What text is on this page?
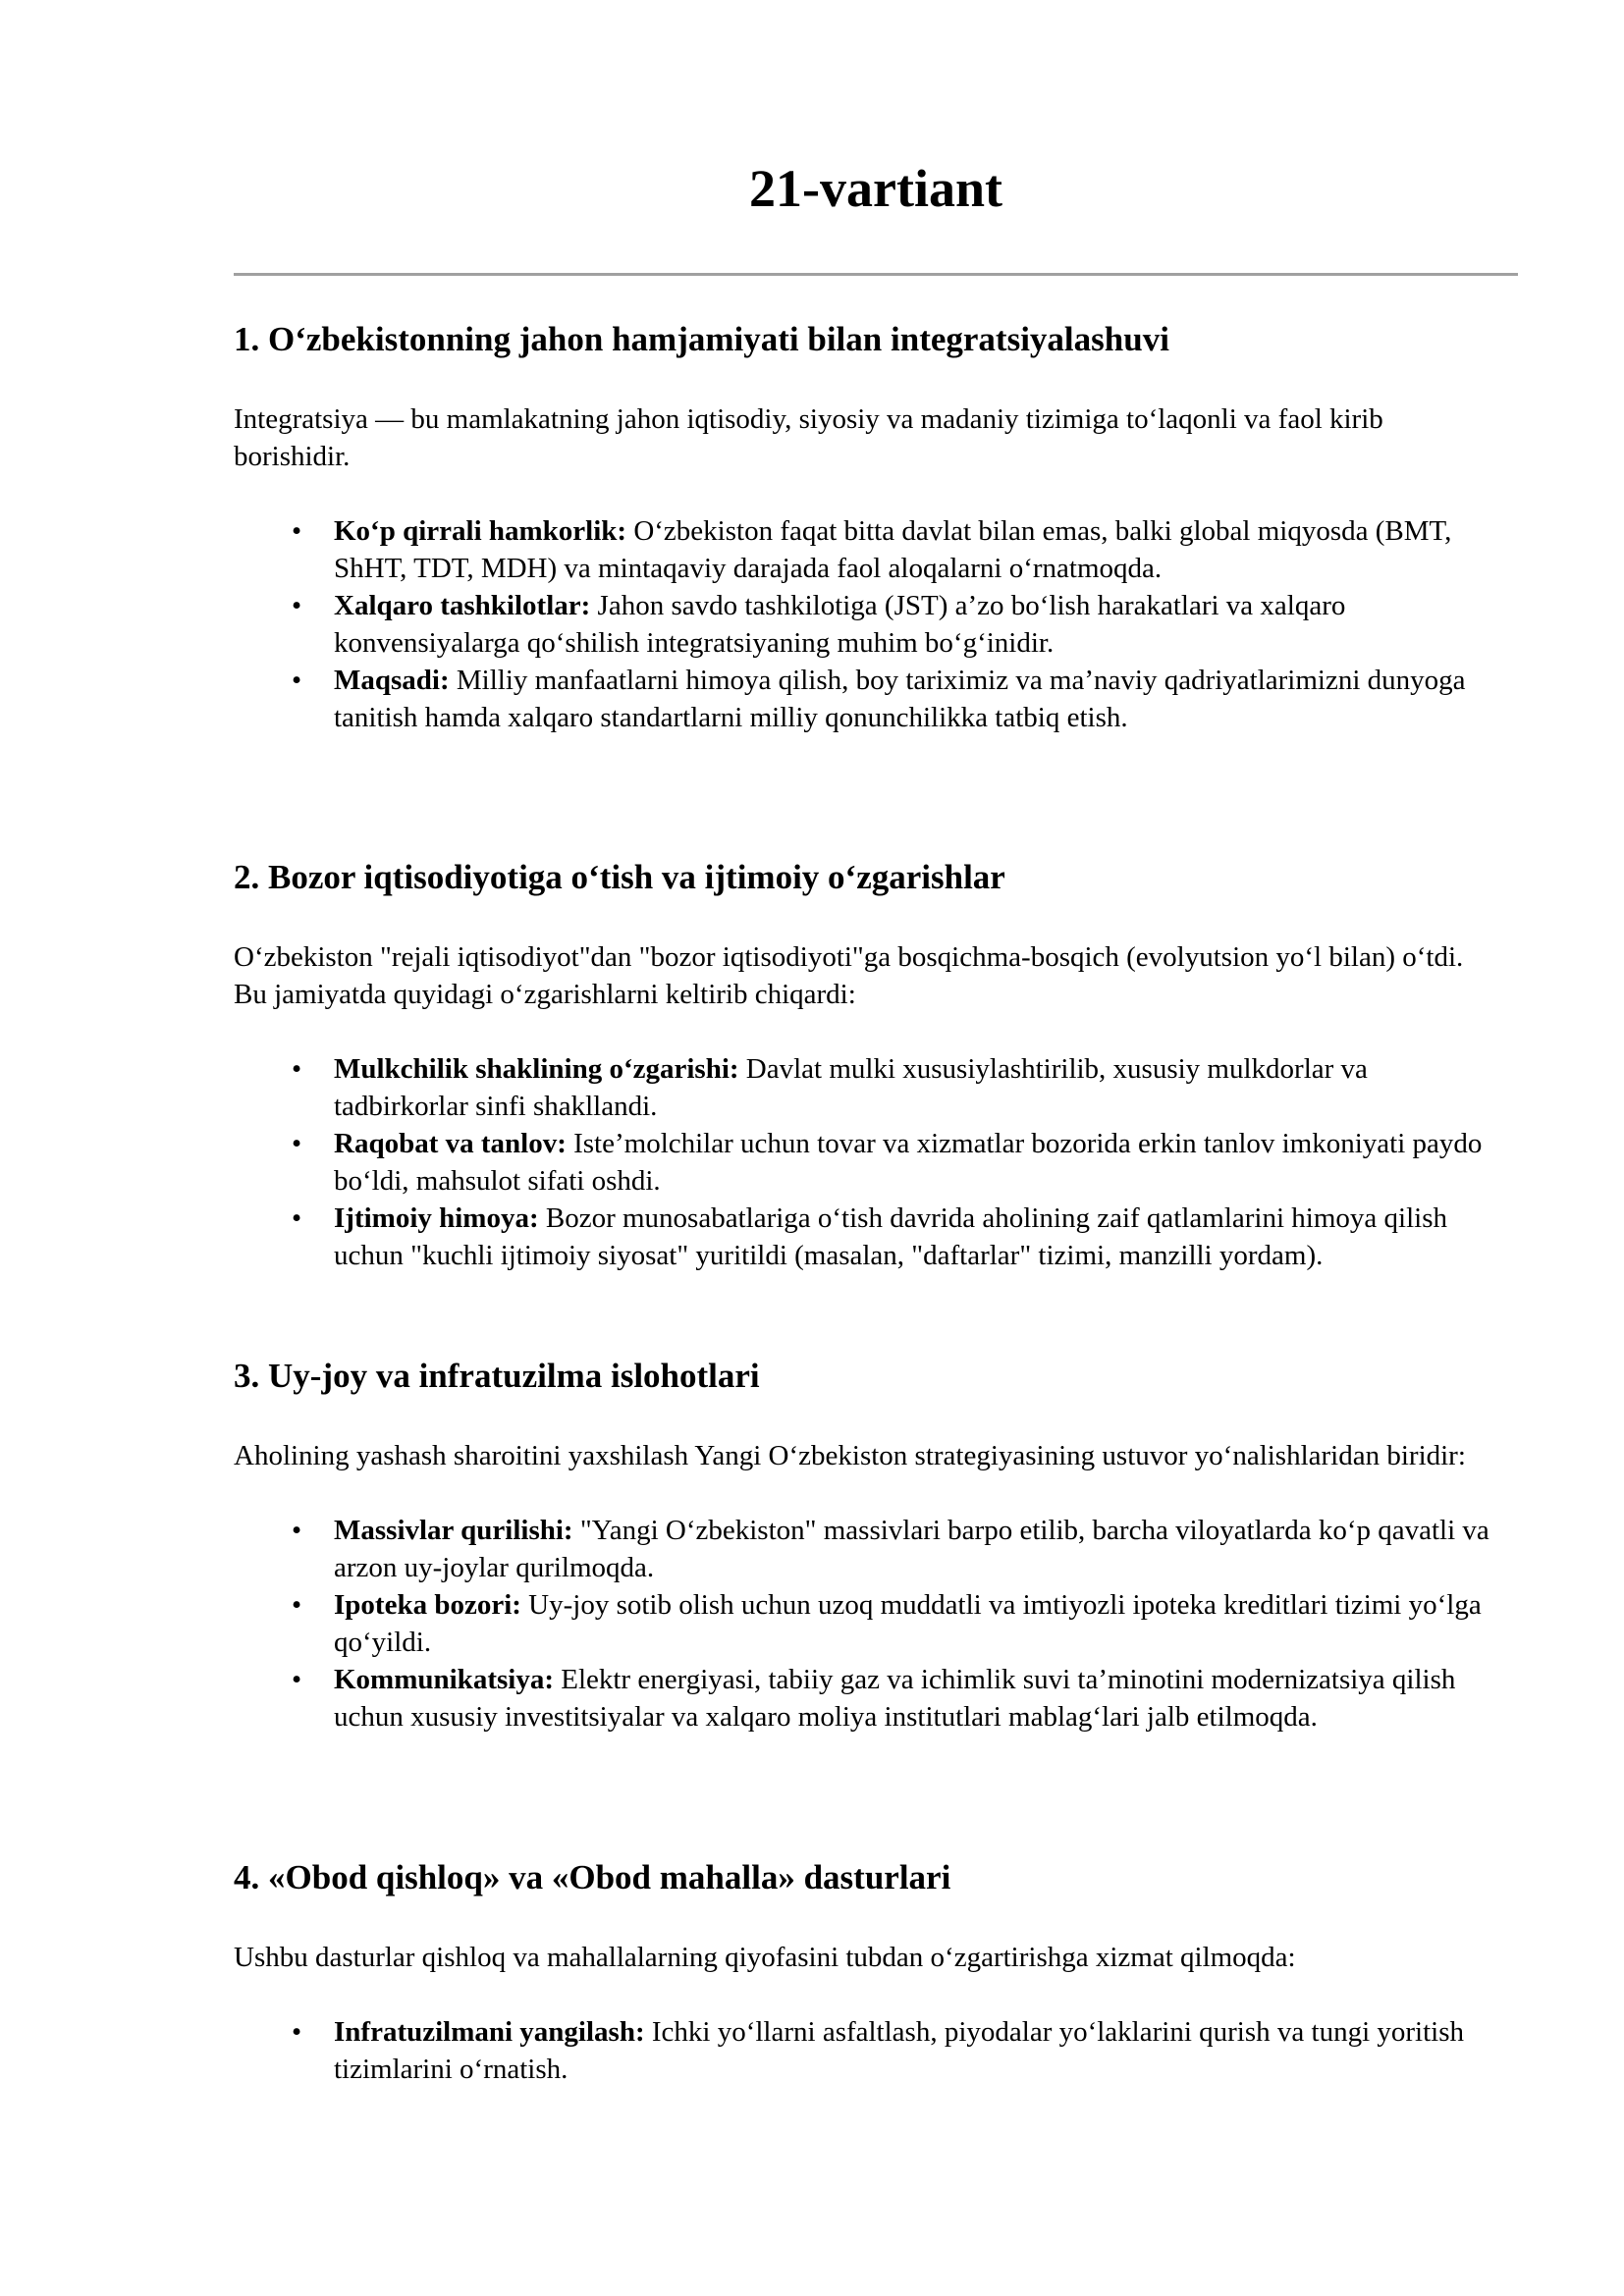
21-vartiant
1. O‘zbekistonning jahon hamjamiyati bilan integratsiyalashuvi

Integratsiya — bu mamlakatning jahon iqtisodiy, siyosiy va madaniy tizimiga to‘laqonli va faol kirib borishidir.

• Ko‘p qirrali hamkorlik: O‘zbekiston faqat bitta davlat bilan emas, balki global miqyosda (BMT, ShHT, TDT, MDH) va mintaqaviy darajada faol aloqalarni o‘rnatmoqda.
• Xalqaro tashkilotlar: Jahon savdo tashkilotiga (JST) a’zo bo‘lish harakatlari va xalqaro konvensiyalarga qo‘shilish integratsiyaning muhim bo‘g‘inidir.
• Maqsadi: Milliy manfaatlarni himoya qilish, boy tariximiz va ma’naviy qadriyatlarimizni dunyoga tanitish hamda xalqaro standartlarni milliy qonunchilikka tatbiq etish.
2. Bozor iqtisodiyotiga o‘tish va ijtimoiy o‘zgarishlar

O‘zbekiston "rejali iqtisodiyot"dan "bozor iqtisodiyoti"ga bosqichma-bosqich (evolyutsion yo‘l bilan) o‘tdi. Bu jamiyatda quyidagi o‘zgarishlarni keltirib chiqardi:

• Mulkchilik shaklining o‘zgarishi: Davlat mulki xususiylashtirilib, xususiy mulkdorlar va tadbirkorlar sinfi shakllandi.
• Raqobat va tanlov: Iste’molchilar uchun tovar va xizmatlar bozorida erkin tanlov imkoniyati paydo bo‘ldi, mahsulot sifati oshdi.
• Ijtimoiy himoya: Bozor munosabatlariga o‘tish davrida aholining zaif qatlamlarini himoya qilish uchun "kuchli ijtimoiy siyosat" yuritildi (masalan, "daftarlar" tizimi, manzilli yordam).
3. Uy-joy va infratuzilma islohotlari

Aholining yashash sharoitini yaxshilash Yangi O‘zbekiston strategiyasining ustuvor yo‘nalishlaridan biridir:

• Massivlar qurilishi: "Yangi O‘zbekiston" massivlari barpo etilib, barcha viloyatlarda ko‘p qavatli va arzon uy-joylar qurilmoqda.
• Ipoteka bozori: Uy-joy sotib olish uchun uzoq muddatli va imtiyozli ipoteka kreditlari tizimi yo‘lga qo‘yildi.
• Kommunikatsiya: Elektr energiyasi, tabiiy gaz va ichimlik suvi ta’minotini modernizatsiya qilish uchun xususiy investitsiyalar va xalqaro moliya institutlari mablag‘lari jalb etilmoqda.
4. «Obod qishloq» va «Obod mahalla» dasturlari

Ushbu dasturlar qishloq va mahallalarning qiyofasini tubdan o‘zgartirishga xizmat qilmoqda:

• Infratuzilmani yangilash: Ichki yo‘llarni asfaltlash, piyodalar yo‘laklarini qurish va tungi yoritish tizimlarini o‘rnatish.
